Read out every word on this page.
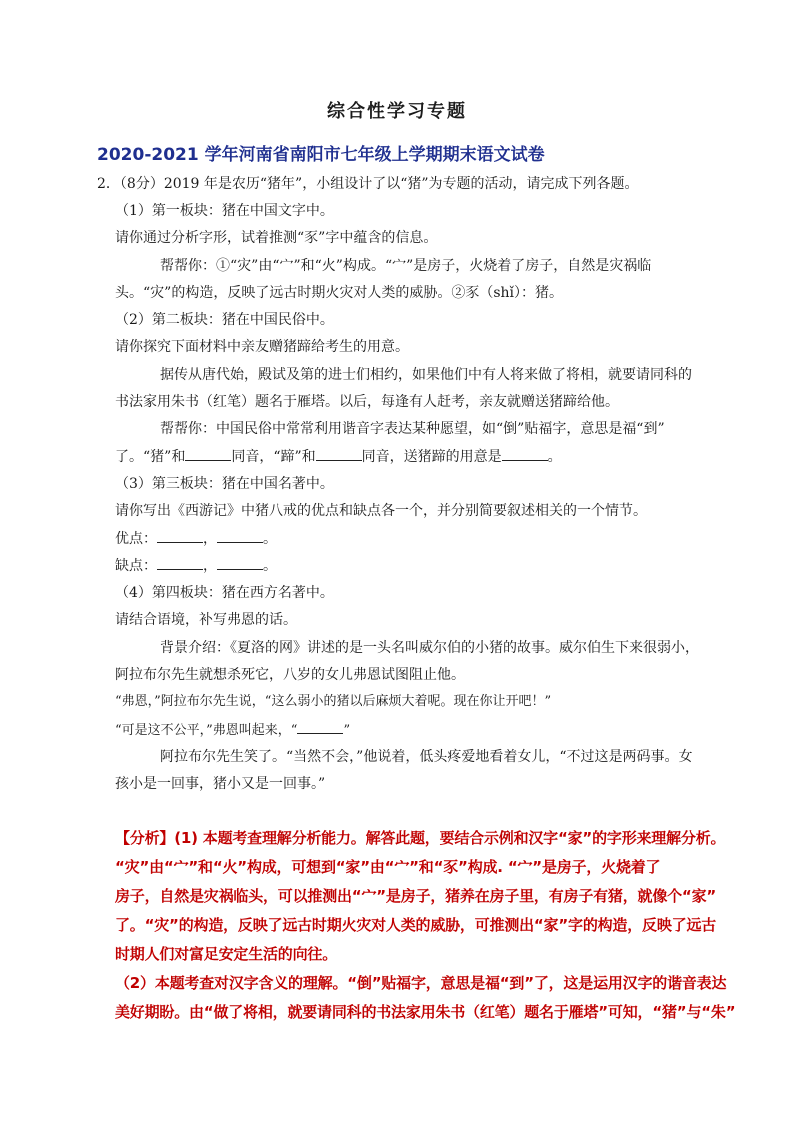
综合性学习专题
2020-2021 学年河南省南阳市七年级上学期期末语文试卷
2．（8分）2019 年是农历“猪年”，小组设计了以“猪”为专题的活动，请完成下列各题。
（1）第一板块：猪在中国文字中。
请你通过分析字形，试着推测“豕”字中蕴含的信息。
帮帮你：①“灾”由“宀”和“火”构成。“宀”是房子，火烧着了房子，自然是灾祸临
头。“灾”的构造，反映了远古时期火灾对人类的威胁。②豕（shǐ）：猪。
（2）第二板块：猪在中国民俗中。
请你探究下面材料中亲友赠猪蹄给考生的用意。
据传从唐代始，殿试及第的进士们相约，如果他们中有人将来做了将相，就要请同科的
书法家用朱书（红笔）题名于雁塔。以后，每逢有人赶考，亲友就赠送猪蹄给他。
帮帮你：中国民俗中常常利用谐音字表达某种愿望，如“倒”贴福字，意思是福“到”
了。“猪”和	同音，“蹄”和	同音，送猪蹄的用意是	。
（3）第三板块：猪在中国名著中。
请你写出《西游记》中猪八戒的优点和缺点各一个，并分别简要叙述相关的一个情节。
优点：	，	。
缺点：	，	。
（4）第四板块：猪在西方名著中。
请结合语境，补写弗恩的话。
背景介绍：《夏洛的网》讲述的是一头名叫威尔伯的小猪的故事。威尔伯生下来很弱小，
阿拉布尔先生就想杀死它，八岁的女儿弗恩试图阻止他。
“弗恩，”阿拉布尔先生说，“这么弱小的猪以后麻烦大着呢。现在你让开吧！”
“可是这不公平，”弗恩叫起来，“	”
阿拉布尔先生笑了。“当然不会，”他说着，低头疼爱地看着女儿，“不过这是两码事。女
孩小是一回事，猪小又是一回事。”
【分析】(1) 本题考查理解分析能力。解答此题，要结合示例和汉字“家”的字形来理解分析。
“灾”由“宀”和“火”构成，可想到“家”由“宀”和“豕”构成. “宀”是房子，火烧着了
房子，自然是灾祸临头，可以推测出“宀”是房子，猪养在房子里，有房子有猪，就像个“家”
了。“灾”的构造，反映了远古时期火灾对人类的威胁，可推测出“家”字的构造，反映了远古
时期人们对富足安定生活的向往。
（2）本题考查对汉字含义的理解。“倒”贴福字，意思是福“到”了，这是运用汉字的谐音表达
美好期盼。由“做了将相，就要请同科的书法家用朱书（红笔）题名于雁塔”可知，“猪”与“朱”
